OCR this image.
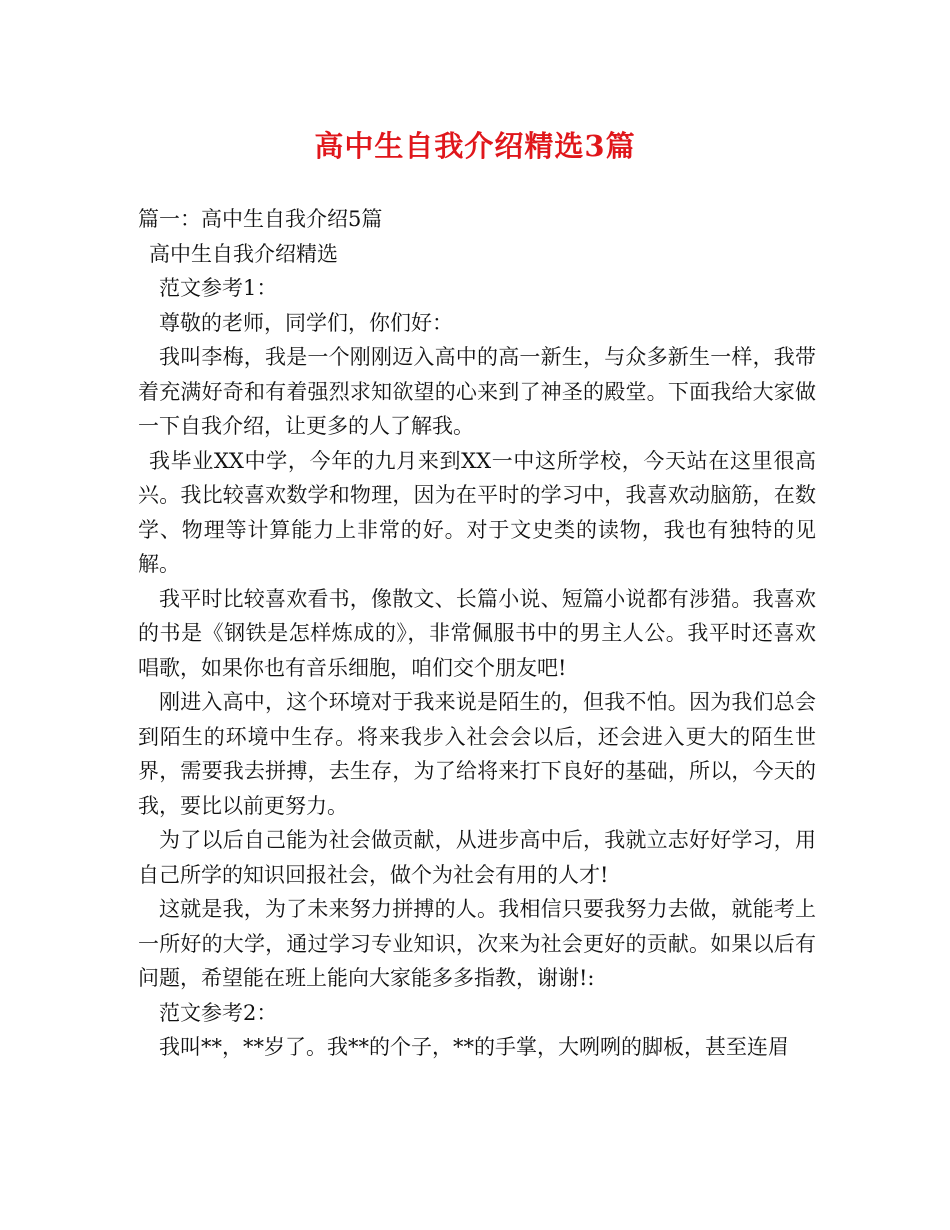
高中生自我介绍精选3篇

篇一：高中生自我介绍5篇

高中生自我介绍精选

范文参考1：

尊敬的老师，同学们，你们好：

我叫李梅，我是一个刚刚迈入高中的高一新生，与众多新生一样，我带着充满好奇和有着强烈求知欲望的心来到了神圣的殿堂。下面我给大家做一下自我介绍，让更多的人了解我。

我毕业XX中学，今年的九月来到XX一中这所学校，今天站在这里很高兴。我比较喜欢数学和物理，因为在平时的学习中，我喜欢动脑筋，在数学、物理等计算能力上非常的好。对于文史类的读物，我也有独特的见解。

我平时比较喜欢看书，像散文、长篇小说、短篇小说都有涉猎。我喜欢的书是《钢铁是怎样炼成的》，非常佩服书中的男主人公。我平时还喜欢唱歌，如果你也有音乐细胞，咱们交个朋友吧!

刚进入高中，这个环境对于我来说是陌生的，但我不怕。因为我们总会到陌生的环境中生存。将来我步入社会会以后，还会进入更大的陌生世界，需要我去拼搏，去生存，为了给将来打下良好的基础，所以，今天的我，要比以前更努力。

为了以后自己能为社会做贡献，从进步高中后，我就立志好好学习，用自己所学的知识回报社会，做个为社会有用的人才!

这就是我，为了未来努力拼搏的人。我相信只要我努力去做，就能考上一所好的大学，通过学习专业知识，次来为社会更好的贡献。如果以后有问题，希望能在班上能向大家能多多指教，谢谢!:

范文参考2：

我叫**，**岁了。我**的个子，**的手掌，大咧咧的脚板，甚至连眉
